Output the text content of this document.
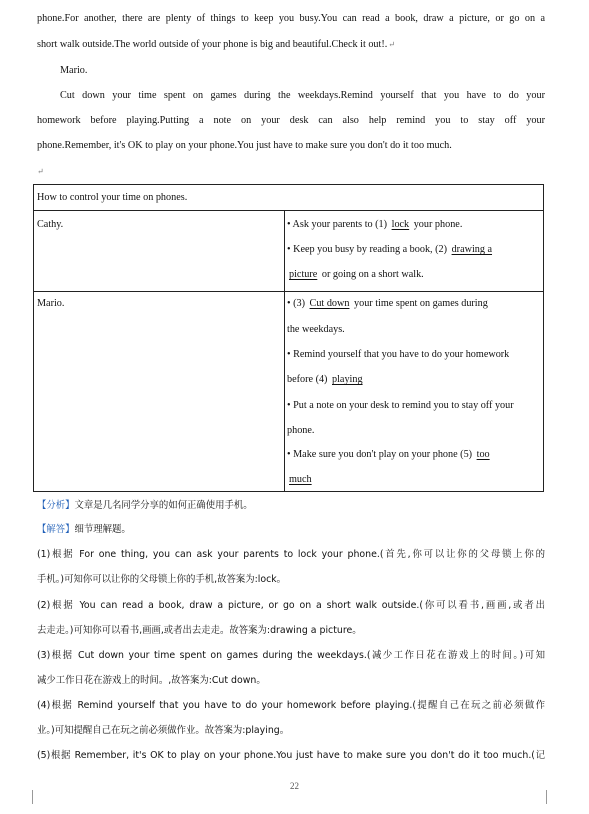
phone.For another, there are plenty of things to keep you busy.You can read a book, draw a picture, or go on a
short walk outside.The world outside of your phone is big and beautiful.Check it out!.↵
Mario.
Cut down your time spent on games during the weekdays.Remind yourself that you have to do your
homework before playing.Putting a note on your desk can also help remind you to stay off your
phone.Remember, it's OK to play on your phone.You just have to make sure you don't do it too much.
↵
How to control your time on phones.
Cathy.	• Ask your parents to (1) lock your phone.
• Keep you busy by reading a book, (2) drawing a
picture or going on a short walk.
Mario.	• (3) Cut down your time spent on games during
the weekdays.
• Remind yourself that you have to do your homework
before (4) playing
• Put a note on your desk to remind you to stay off your
phone.
• Make sure you don't play on your phone (5) too
much
【分析】文章是几名同学分享的如何正确使用手机。
【解答】细节理解题。
(1)根据 For one thing, you can ask your parents to lock your phone.(首先,你可以让你的父母锁上你的
手机。)可知你可以让你的父母锁上你的手机,故答案为:lock。
(2)根据 You can read a book, draw a picture, or go on a short walk outside.(你可以看书,画画,或者出
去走走。)可知你可以看书,画画,或者出去走走。故答案为:drawing a picture。
(3)根据 Cut down your time spent on games during the weekdays.(减少工作日花在游戏上的时间。)可知
减少工作日花在游戏上的时间。,故答案为:Cut down。
(4)根据 Remind yourself that you have to do your homework before playing.(提醒自己在玩之前必须做作
业。)可知提醒自己在玩之前必须做作业。故答案为:playing。
(5)根据 Remember, it's OK to play on your phone.You just have to make sure you don't do it too much.(记
22
